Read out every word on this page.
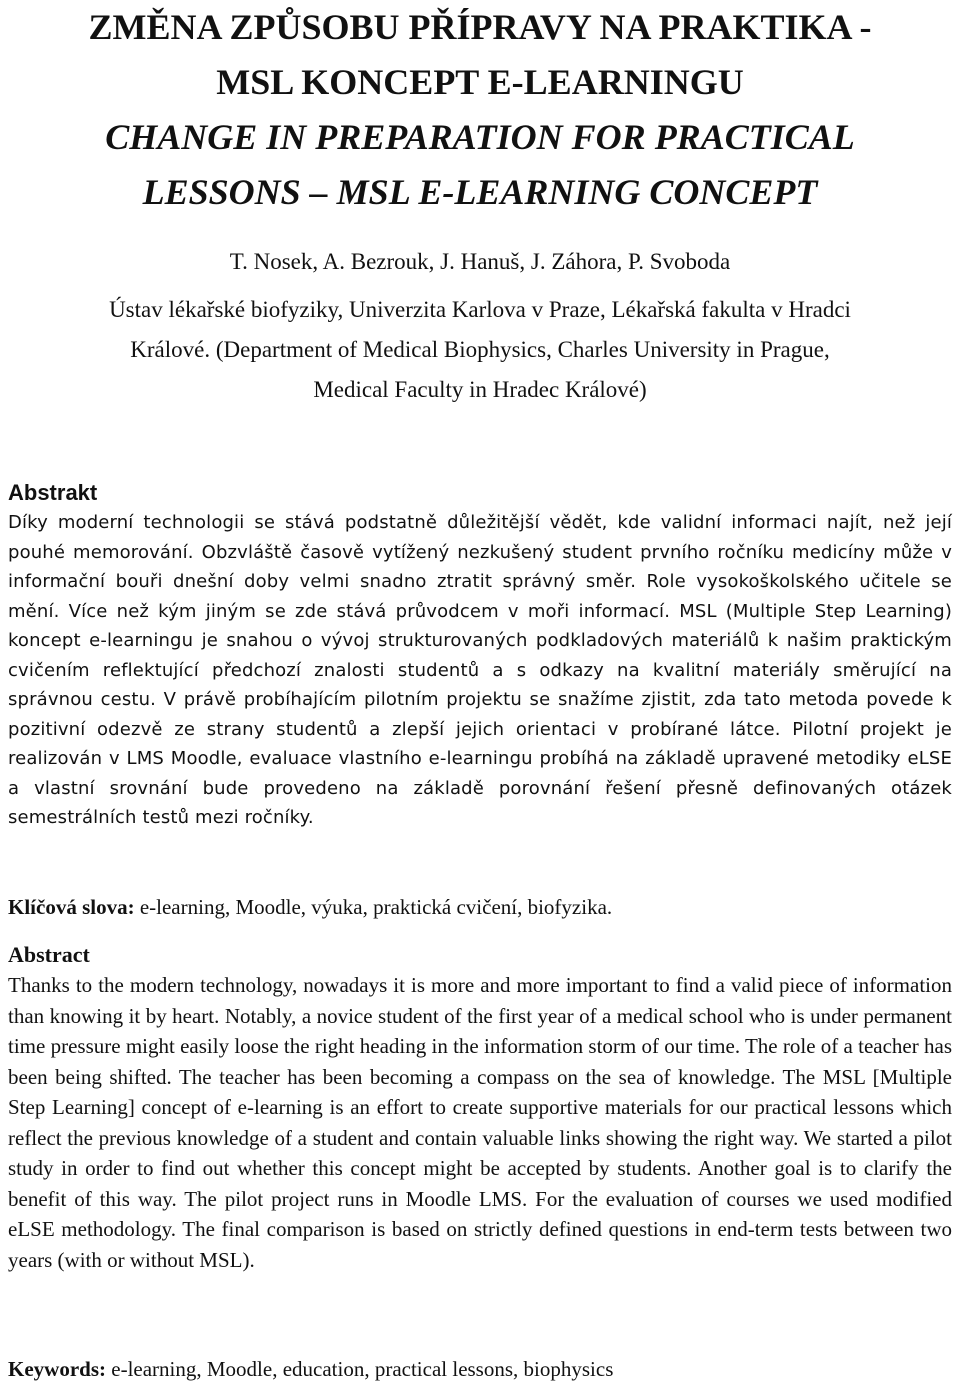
ZMĚNA ZPŮSOBU PŘÍPRAVY NA PRAKTIKA -
MSL KONCEPT E-LEARNINGU
CHANGE IN PREPARATION FOR PRACTICAL
LESSONS – MSL E-LEARNING CONCEPT
T. Nosek, A. Bezrouk, J. Hanuš, J. Záhora, P. Svoboda
Ústav lékařské biofyziky, Univerzita Karlova v Praze, Lékařská fakulta v Hradci
Králové. (Department of Medical Biophysics, Charles University in Prague,
Medical Faculty in Hradec Králové)
Abstrakt

Díky moderní technologii se stává podstatně důležitější vědět, kde validní informaci najít, než její pouhé memorování. Obzvláště časově vytížený nezkušený student prvního ročníku medicíny může v informační bouři dnešní doby velmi snadno ztratit správný směr. Role vysokoškolského učitele se mění. Více než kým jiným se zde stává průvodcem v moři informací. MSL (Multiple Step Learning) koncept e-learningu je snahou o vývoj strukturovaných podkladových materiálů k našim praktickým cvičením reflektující předchozí znalosti studentů a s odkazy na kvalitní materiály směrující na správnou cestu. V právě probíhajícím pilotním projektu se snažíme zjistit, zda tato metoda povede k pozitivní odezvě ze strany studentů a zlepší jejich orientaci v probírané látce. Pilotní projekt je realizován v LMS Moodle, evaluace vlastního e-learningu probíhá na základě upravené metodiky eLSE a vlastní srovnání bude provedeno na základě porovnání řešení přesně definovaných otázek semestrálních testů mezi ročníky.

Klíčová slova: e-learning, Moodle, výuka, praktická cvičení, biofyzika.
Abstract

Thanks to the modern technology, nowadays it is more and more important to find a valid piece of information than knowing it by heart. Notably, a novice student of the first year of a medical school who is under permanent time pressure might easily loose the right heading in the information storm of our time. The role of a teacher has been being shifted. The teacher has been becoming a compass on the sea of knowledge. The MSL [Multiple Step Learning] concept of e-learning is an effort to create supportive materials for our practical lessons which reflect the previous knowledge of a student and contain valuable links showing the right way. We started a pilot study in order to find out whether this concept might be accepted by students. Another goal is to clarify the benefit of this way. The pilot project runs in Moodle LMS. For the evaluation of courses we used modified eLSE methodology. The final comparison is based on strictly defined questions in end-term tests between two years (with or without MSL).

Keywords: e-learning, Moodle, education, practical lessons, biophysics
